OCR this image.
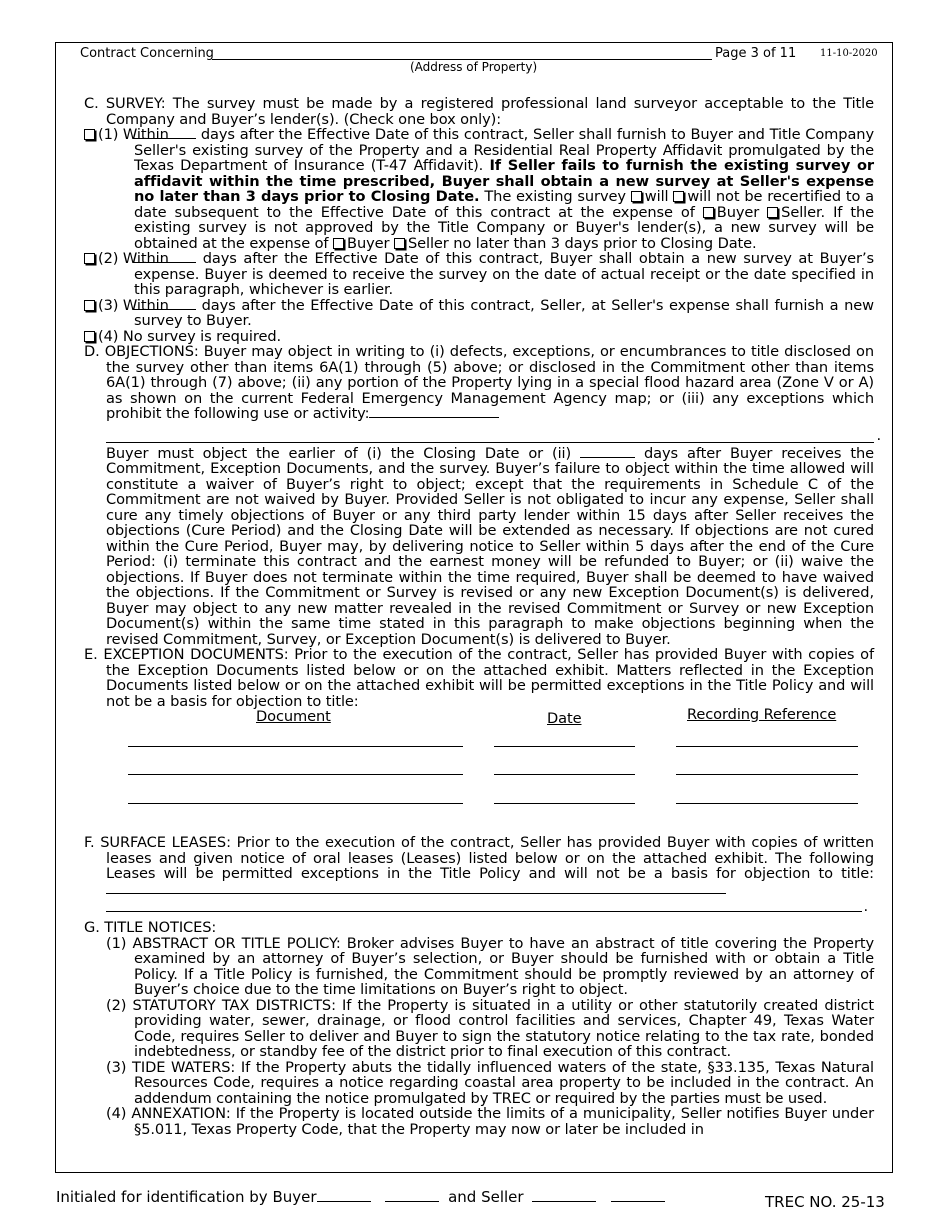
Contract Concerning	Page 3 of 11 11-10-2020
(Address of Property)

C. SURVEY: The survey must be made by a registered professional land surveyor acceptable to the Title Company and Buyer’s lender(s). (Check one box only):

(1) Within days after the Effective Date of this contract, Seller shall furnish to Buyer and Title Company Seller's existing survey of the Property and a Residential Real Property Affidavit promulgated by the Texas Department of Insurance (T-47 Affidavit). If Seller fails to furnish the existing survey or affidavit within the time prescribed, Buyer shall obtain a new survey at Seller's expense no later than 3 days prior to Closing Date. The existing survey will will not be recertified to a date subsequent to the Effective Date of this contract at the expense of Buyer Seller. If the existing survey is not approved by the Title Company or Buyer's lender(s), a new survey will be obtained at the expense of Buyer Seller no later than 3 days prior to Closing Date.

(2) Within days after the Effective Date of this contract, Buyer shall obtain a new survey at Buyer’s expense. Buyer is deemed to receive the survey on the date of actual receipt or the date specified in this paragraph, whichever is earlier.

(3) Within days after the Effective Date of this contract, Seller, at Seller's expense shall furnish a new survey to Buyer.

(4) No survey is required.

D. OBJECTIONS: Buyer may object in writing to (i) defects, exceptions, or encumbrances to title disclosed on the survey other than items 6A(1) through (5) above; or disclosed in the Commitment other than items 6A(1) through (7) above; (ii) any portion of the Property lying in a special flood hazard area (Zone V or A) as shown on the current Federal Emergency Management Agency map; or (iii) any exceptions which prohibit the following use or activity:

.

Buyer must object the earlier of (i) the Closing Date or (ii)	days after Buyer receives the Commitment, Exception Documents, and the survey. Buyer’s failure to object within the time allowed will constitute a waiver of Buyer’s right to object; except that the requirements in Schedule C of the Commitment are not waived by Buyer. Provided Seller is not obligated to incur any expense, Seller shall cure any timely objections of Buyer or any third party lender within 15 days after Seller receives the objections (Cure Period) and the Closing Date will be extended as necessary. If objections are not cured within the Cure Period, Buyer may, by delivering notice to Seller within 5 days after the end of the Cure Period: (i) terminate this contract and the earnest money will be refunded to Buyer; or (ii) waive the objections. If Buyer does not terminate within the time required, Buyer shall be deemed to have waived the objections. If the Commitment or Survey is revised or any new Exception Document(s) is delivered, Buyer may object to any new matter revealed in the revised Commitment or Survey or new Exception Document(s) within the same time stated in this paragraph to make objections beginning when the revised Commitment, Survey, or Exception Document(s) is delivered to Buyer.

E. EXCEPTION DOCUMENTS: Prior to the execution of the contract, Seller has provided Buyer with copies of the Exception Documents listed below or on the attached exhibit. Matters reflected in the Exception Documents listed below or on the attached exhibit will be permitted exceptions in the Title Policy and will not be a basis for objection to title:

Document	Date	Recording Reference

F. SURFACE LEASES: Prior to the execution of the contract, Seller has provided Buyer with copies of written leases and given notice of oral leases (Leases) listed below or on the attached exhibit. The following Leases will be permitted exceptions in the Title Policy and will not be a basis for objection to title:

.

G. TITLE NOTICES:

(1) ABSTRACT OR TITLE POLICY: Broker advises Buyer to have an abstract of title covering the Property examined by an attorney of Buyer’s selection, or Buyer should be furnished with or obtain a Title Policy. If a Title Policy is furnished, the Commitment should be promptly reviewed by an attorney of Buyer’s choice due to the time limitations on Buyer’s right to object.

(2) STATUTORY TAX DISTRICTS: If the Property is situated in a utility or other statutorily created district providing water, sewer, drainage, or flood control facilities and services, Chapter 49, Texas Water Code, requires Seller to deliver and Buyer to sign the statutory notice relating to the tax rate, bonded indebtedness, or standby fee of the district prior to final execution of this contract.

(3) TIDE WATERS: If the Property abuts the tidally influenced waters of the state, §33.135, Texas Natural Resources Code, requires a notice regarding coastal area property to be included in the contract. An addendum containing the notice promulgated by TREC or required by the parties must be used.

(4) ANNEXATION: If the Property is located outside the limits of a municipality, Seller notifies Buyer under §5.011, Texas Property Code, that the Property may now or later be included in

Initialed for identification by Buyer	and Seller	TREC NO. 25-13
